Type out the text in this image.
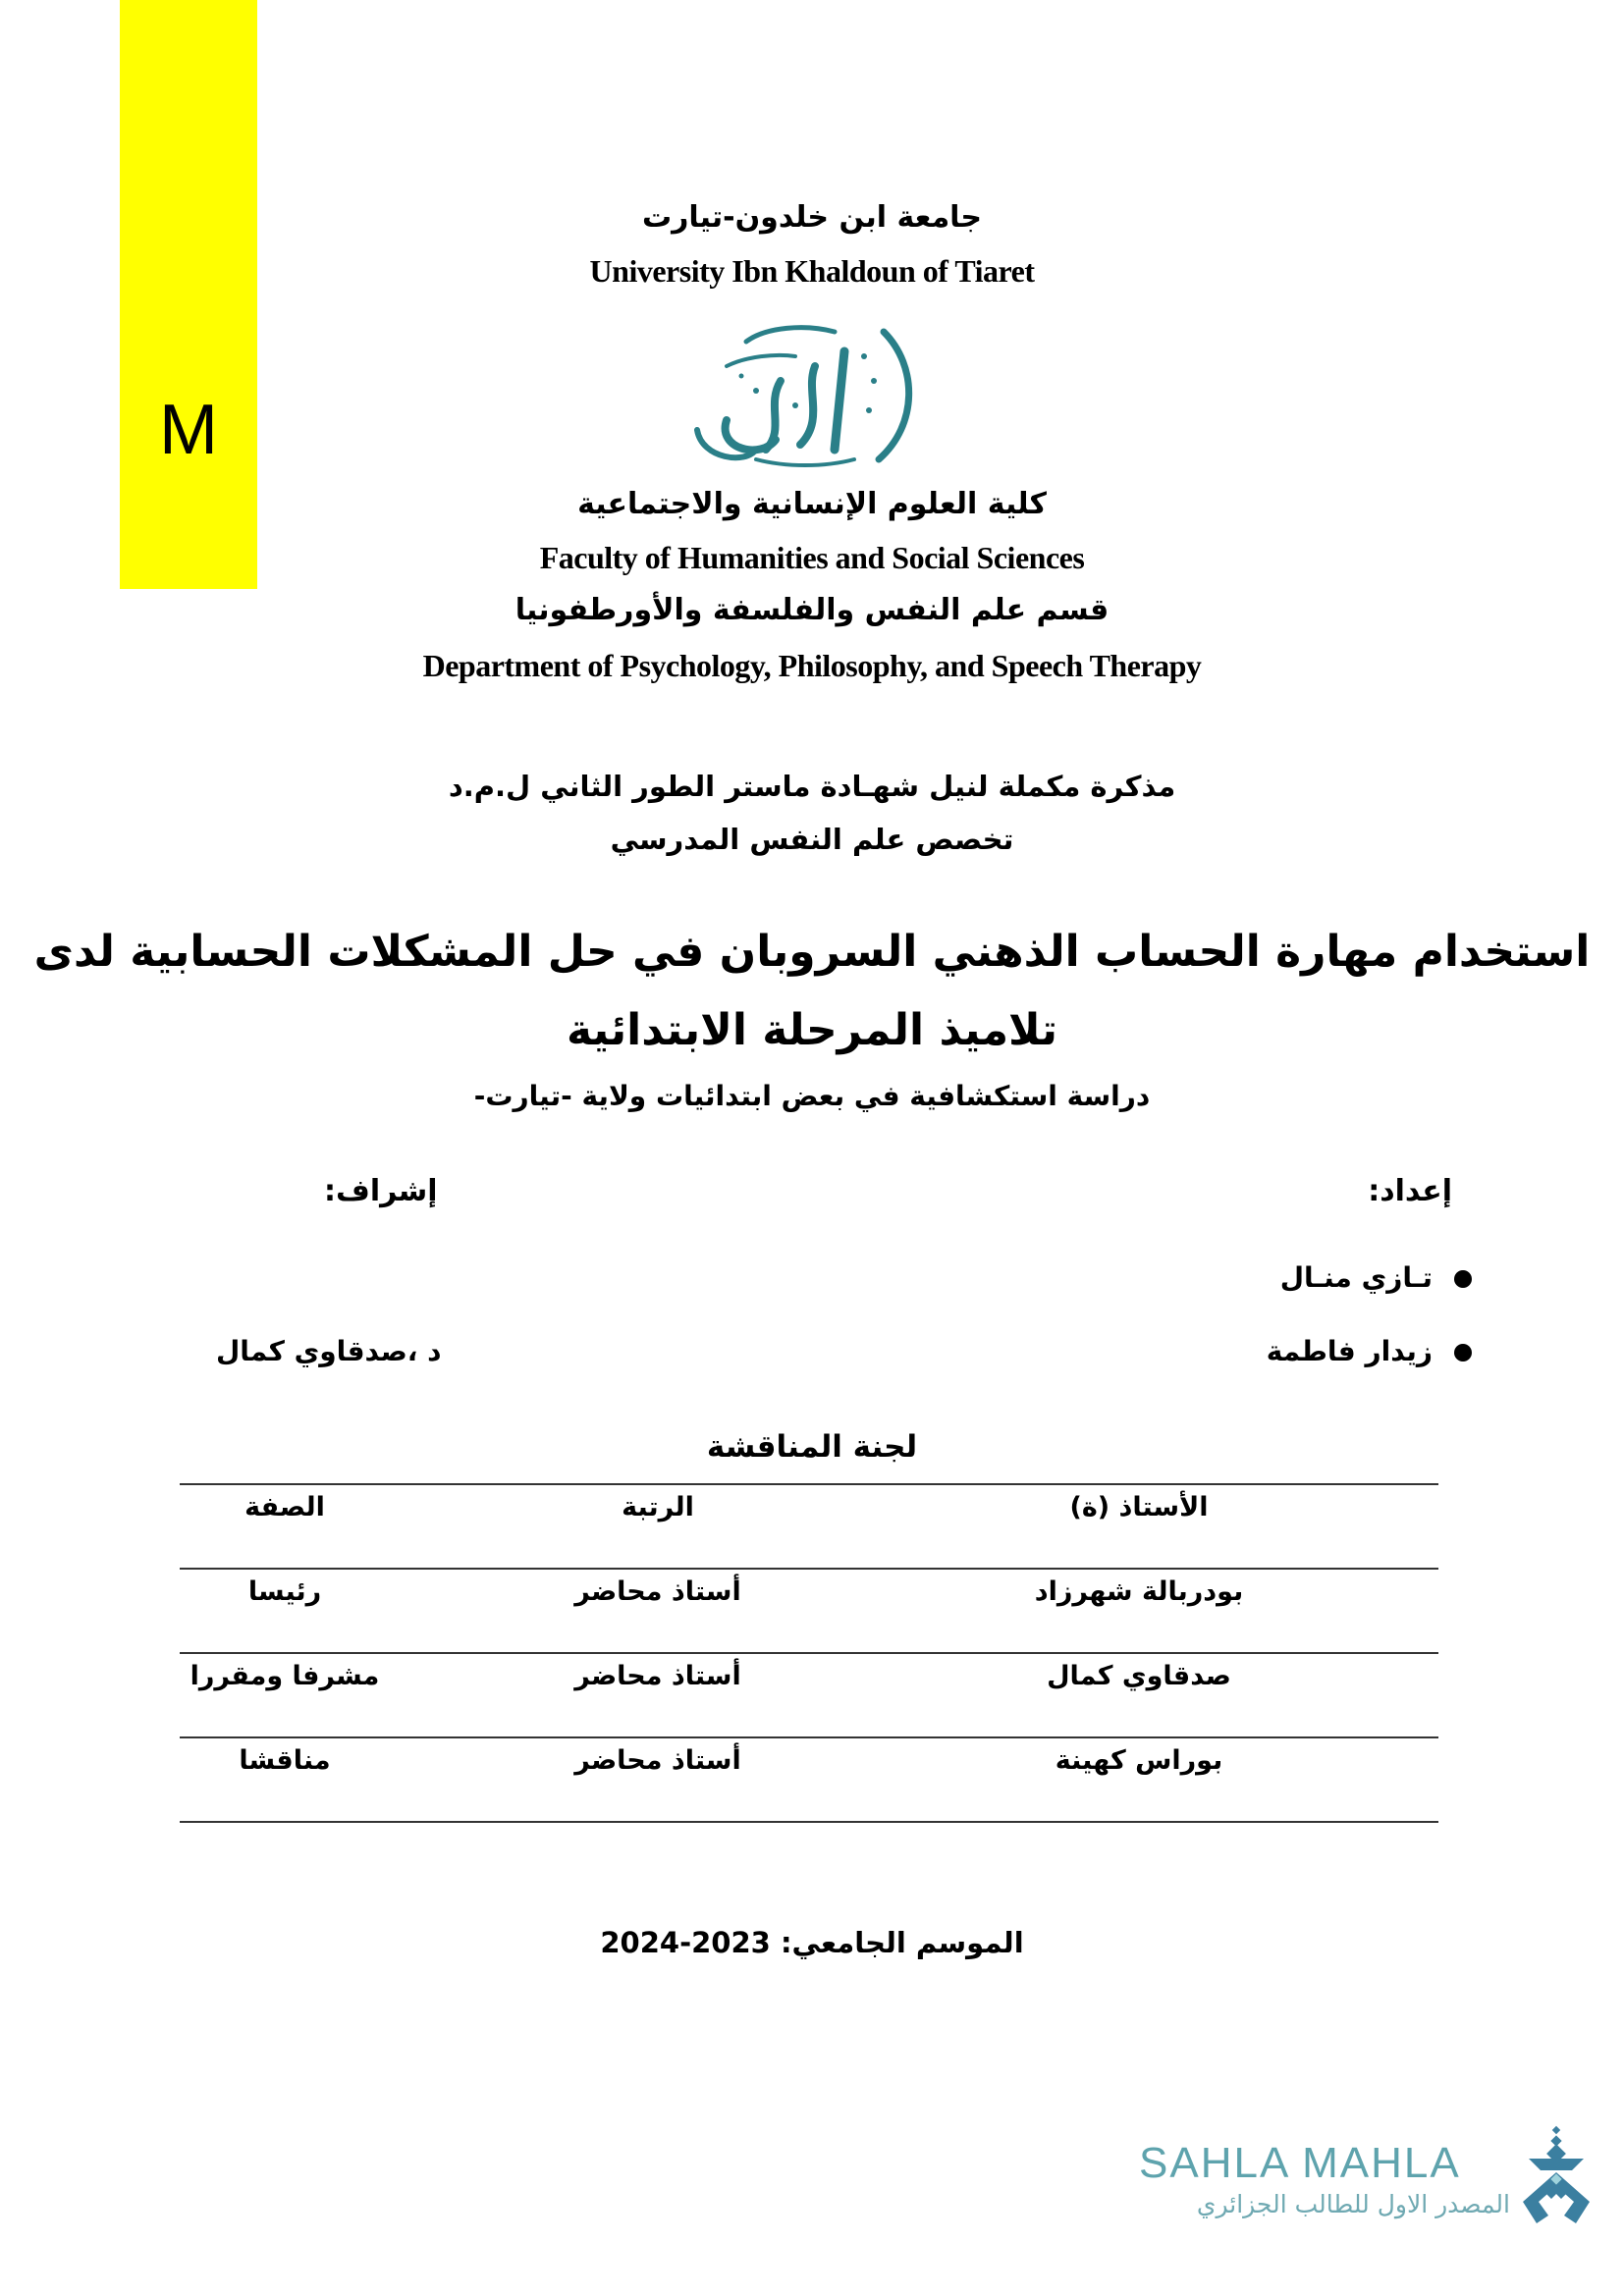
M
جامعة ابن خلدون-تيارت
University Ibn Khaldoun of Tiaret
كلية العلوم الإنسانية والاجتماعية
Faculty of Humanities and Social Sciences
قسم علم النفس والفلسفة والأورطفونيا
Department of Psychology, Philosophy, and Speech Therapy
مذكرة مكملة لنيل شهـادة ماستر الطور الثاني ل.م.د
تخصص علم النفس المدرسي
استخدام مهارة الحساب الذهني السروبان في حل المشكلات الحسابية لدى
تلاميذ المرحلة الابتدائية
دراسة استكشافية في بعض ابتدائيات ولاية -تيارت-
إعداد:
إشراف:
تـازي منـال
زيدار فاطمة
د ،صدقاوي كمال
لجنة المناقشة
الأستاذ (ة)
الرتبة
الصفة
بودربالة شهرزاد
أستاذ محاضر
رئيسا
صدقاوي كمال
أستاذ محاضر
مشرفا ومقررا
بوراس كهينة
أستاذ محاضر
مناقشا
الموسم الجامعي: 2023-2024
SAHLA MAHLA
المصدر الاول للطالب الجزائري
